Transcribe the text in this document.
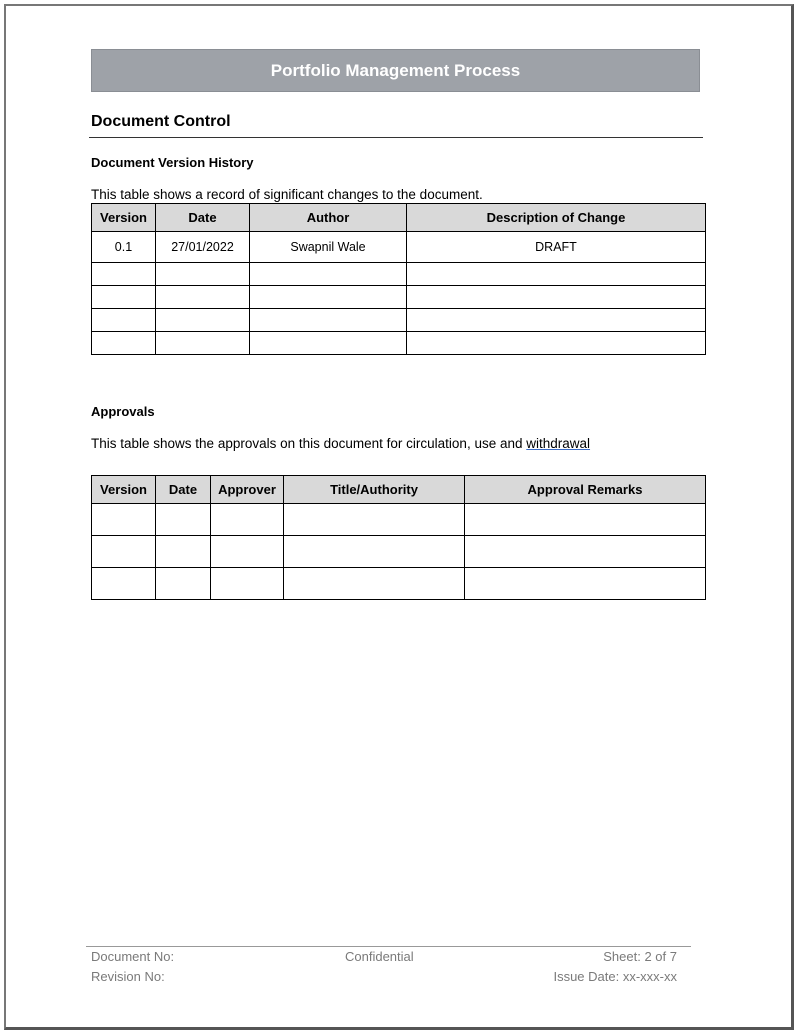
Portfolio Management Process
Document Control
Document Version History
This table shows a record of significant changes to the document.
Version	Date	Author	Description of Change
0.1	27/01/2022	Swapnil Wale	DRAFT

Approvals
This table shows the approvals on this document for circulation, use and withdrawal
Version	Date	Approver	Title/Authority	Approval Remarks

Document No:
Revision No:
Confidential	Sheet: 2 of 7
Issue Date: xx-xxx-xx
